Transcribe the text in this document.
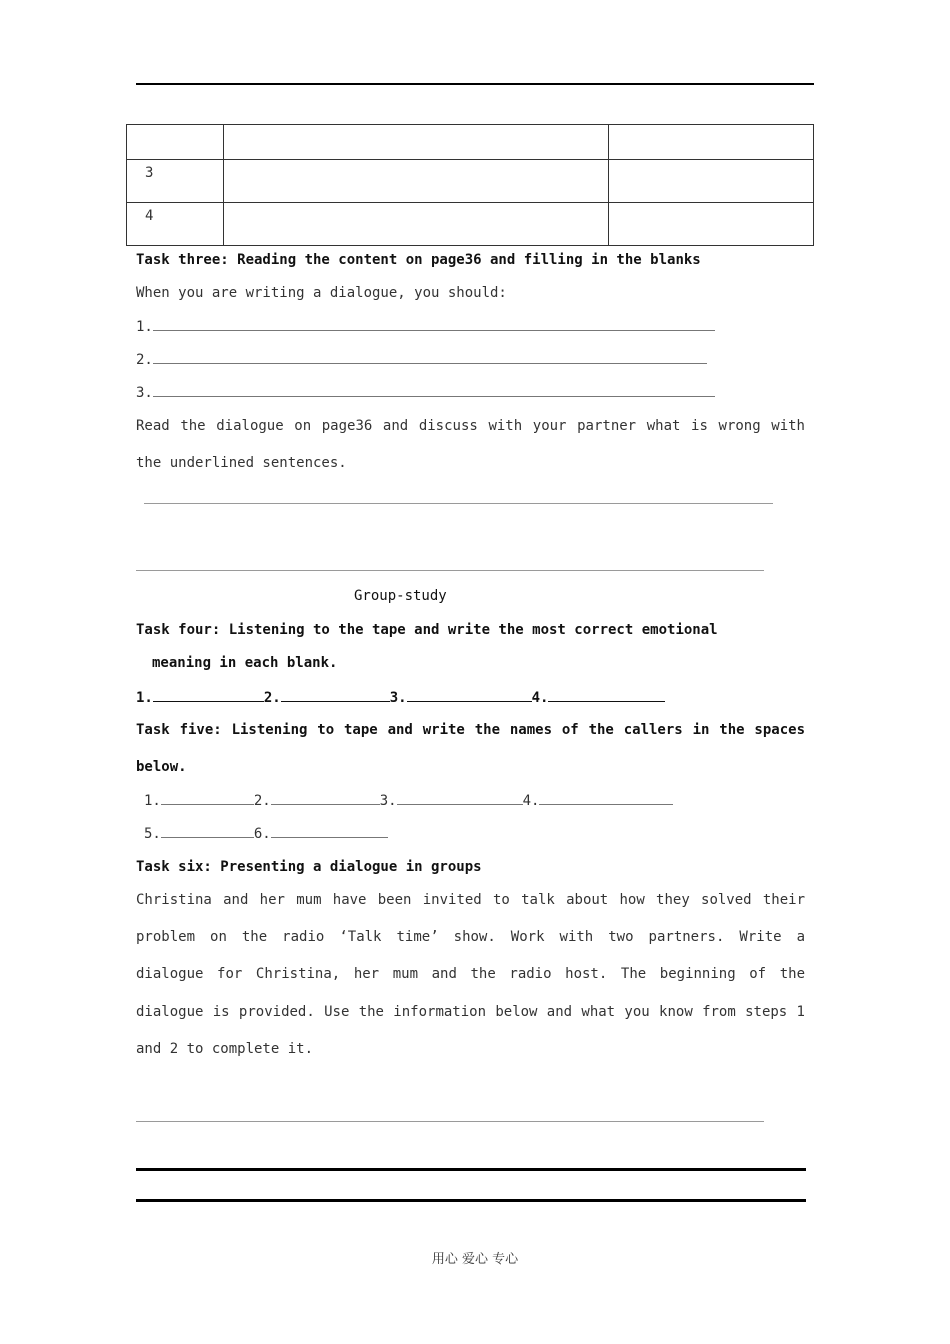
3		
4		
Task three: Reading the content on page36 and filling in the blanks
When you are writing a dialogue, you should:
1.
2.
3.
Read the dialogue on page36 and discuss with your partner what is wrong with
the underlined sentences.
Group-study
Task four: Listening to the tape and write the most correct emotional
meaning in each blank.
1.	2.	3.	4.
Task five: Listening to tape and write the names of the callers in the spaces
below.
1.	2.	3.	4.
5.	6.
Task six: Presenting a dialogue in groups
Christina and her mum have been invited to talk about how they solved their
problem on the radio ‘Talk time’ show. Work with two partners. Write a
dialogue for Christina, her mum and the radio host. The beginning of the
dialogue is provided. Use the information below and what you know from steps 1
and 2 to complete it.
用心 爱心 专心
